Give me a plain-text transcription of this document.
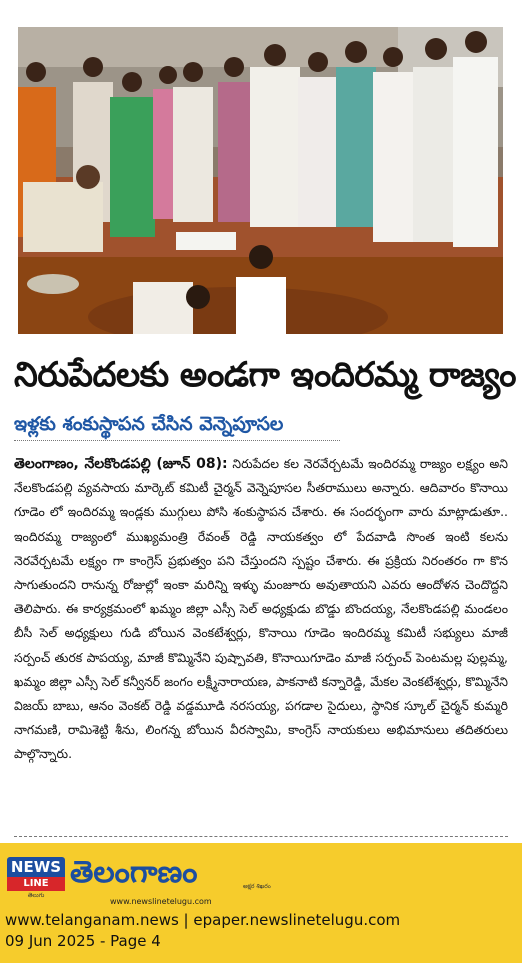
నిరుపేదలకు అండగా ఇందిరమ్మ రాజ్యం
ఇళ్లకు శంకుస్థాపన చేసిన వెన్నెపూసల
తెలంగాణం, నేలకొండపల్లి (జూన్ 08): నిరుపేదల కల నెరవేర్చటమే ఇందిరమ్మ రాజ్యం లక్ష్యం అని నేలకొండపల్లి వ్యవసాయ మార్కెట్ కమిటీ చైర్మన్ వెన్నెపూసల సీతరాములు అన్నారు. ఆదివారం కొనాయి గూడెం లో ఇందిరమ్మ ఇండ్లకు ముగ్గులు పోసి శంకుస్థాపన చేశారు. ఈ సందర్భంగా వారు మాట్లాడుతూ.. ఇందిరమ్మ రాజ్యంలో ముఖ్యమంత్రి రేవంత్ రెడ్డి నాయకత్వం లో పేదవాడి సొంత ఇంటి కలను నెరవేర్చటమే లక్ష్యం గా కాంగ్రెస్ ప్రభుత్వం పని చేస్తుందని స్పష్టం చేశారు. ఈ ప్రక్రియ నిరంతరం గా కొన సాగుతుందని రానున్న రోజుల్లో ఇంకా మరిన్ని ఇళ్ళు మంజూరు అవుతాయని ఎవరు ఆందోళన చెందొద్దని తెలిపారు. ఈ కార్యక్రమంలో ఖమ్మం జిల్లా ఎస్సీ సెల్ అధ్యక్షుడు బొడ్డు బొందయ్య, నేలకొండపల్లి మండలం బీసీ సెల్ అధ్యక్షులు గుడి బోయిన వెంకటేశ్వర్లు, కొనాయి గూడెం ఇందిరమ్మ కమిటీ సభ్యులు మాజీ సర్పంచ్ తురక పాపయ్య, మాజీ కొమ్మినేని పుష్పావతి, కొనాయిగూడెం మాజీ సర్పంచ్ పెంటమల్ల పుల్లమ్మ, ఖమ్మం జిల్లా ఎస్సీ సెల్ కన్వీనర్ జంగం లక్ష్మీనారాయణ, పాకనాటి కన్నారెడ్డి, మేకల వెంకటేశ్వర్లు, కొమ్మినేని విజయ్ బాబు, ఆనం వెంకట్ రెడ్డి వడ్డమూడి నరసయ్య, పగడాల సైదులు, స్థానిక స్కూల్ చైర్మన్ కుమ్మరి నాగమణి, రామిశెట్టి శీను, లింగన్న బోయిన వీరస్వామి, కాంగ్రెస్ నాయకులు అభిమానులు తదితరులు పాల్గొన్నారు.
NEWS
LINE
తెలుగు
తెలంగాణం	అక్షర శిఖరం
www.newslinetelugu.com
www.telanganam.news | epaper.newslinetelugu.com
09 Jun 2025 - Page 4
